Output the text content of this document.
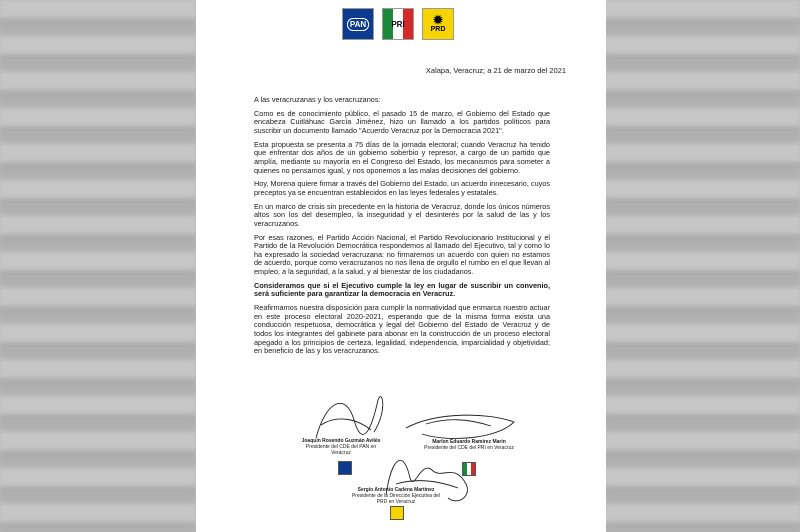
PAN	PRI ✹
PRD
Xalapa, Veracruz; a 21 de marzo del 2021

A las veracruzanas y los veracruzanos:

Como es de conocimiento público, el pasado 15 de marzo, el Gobierno del Estado que encabeza Cuitláhuac García Jiménez, hizo un llamado a los partidos políticos para suscribir un documento llamado "Acuerdo Veracruz por la Democracia 2021".

Esta propuesta se presenta a 75 días de la jornada electoral; cuando Veracruz ha tenido que enfrentar dos años de un gobierno soberbio y represor, a cargo de un partido que amplía, mediante su mayoría en el Congreso del Estado, los mecanismos para someter a quienes no pensamos igual, y nos oponemos a las malas decisiones del gobierno.

Hoy, Morena quiere firmar a través del Gobierno del Estado, un acuerdo innecesario, cuyos preceptos ya se encuentran establecidos en las leyes federales y estatales.

En un marco de crisis sin precedente en la historia de Veracruz, donde los únicos números altos son los del desempleo, la inseguridad y el desinterés por la salud de las y los veracruzanos.

Por esas razones, el Partido Acción Nacional, el Partido Revolucionario Institucional y el Partido de la Revolución Democrática respondemos al llamado del Ejecutivo, tal y como lo ha expresado la sociedad veracruzana: no firmaremos un acuerdo con quien no estamos de acuerdo, porque como veracruzanos no nos llena de orgullo el rumbo en el que llevan al empleo, a la seguridad, a la salud, y al bienestar de los ciudadanos.

Consideramos que si el Ejecutivo cumple la ley en lugar de suscribir un convenio, será suficiente para garantizar la democracia en Veracruz.

Reafirmamos nuestra disposición para cumplir la normatividad que enmarca nuestro actuar en este proceso electoral 2020-2021, esperando que de la misma forma exista una conducción respetuosa, democrática y legal del Gobierno del Estado de Veracruz y de todos los integrantes del gabinete para abonar en la construcción de un proceso electoral apegado a los principios de certeza, legalidad, independencia, imparcialidad y objetividad; en beneficio de las y los veracruzanos.

Joaquín Rosendo Guzmán Avilés
Presidente del CDE del PAN en Veracruz
Marlon Eduardo Ramírez Marín
Presidente del CDE del PRI en Veracruz
Sergio Antonio Cadena Martínez
Presidente de la Dirección Ejecutiva del PRD en Veracruz
